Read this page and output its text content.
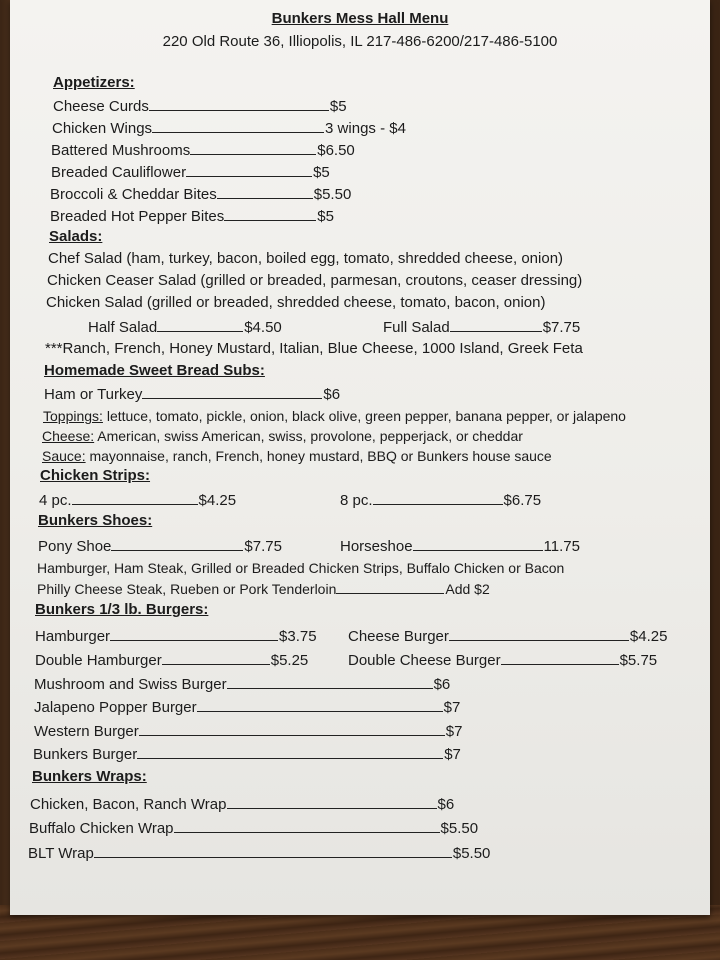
Bunkers Mess Hall Menu
220 Old Route 36, Illiopolis, IL 217-486-6200/217-486-5100
Appetizers:
Cheese Curds	$5
Chicken Wings	3 wings - $4
Battered Mushrooms	$6.50
Breaded Cauliflower	$5
Broccoli & Cheddar Bites	$5.50
Breaded Hot Pepper Bites	$5
Salads:
Chef Salad (ham, turkey, bacon, boiled egg, tomato, shredded cheese, onion)
Chicken Ceaser Salad (grilled or breaded, parmesan, croutons, ceaser dressing)
Chicken Salad (grilled or breaded, shredded cheese, tomato, bacon, onion)
Half Salad	$4.50	Full Salad	$7.75
***Ranch, French, Honey Mustard, Italian, Blue Cheese, 1000 Island, Greek Feta
Homemade Sweet Bread Subs:
Ham or Turkey	$6
Toppings: lettuce, tomato, pickle, onion, black olive, green pepper, banana pepper, or jalapeno
Cheese: American, swiss American, swiss, provolone, pepperjack, or cheddar
Sauce: mayonnaise, ranch, French, honey mustard, BBQ or Bunkers house sauce
Chicken Strips:
4 pc.	$4.25	8 pc.	$6.75
Bunkers Shoes:
Pony Shoe	$7.75	Horseshoe	11.75
Hamburger, Ham Steak, Grilled or Breaded Chicken Strips, Buffalo Chicken or Bacon
Philly Cheese Steak, Rueben or Pork Tenderloin	Add $2
Bunkers 1/3 lb. Burgers:
Hamburger	$3.75 Cheese Burger	$4.25
Double Hamburger	$5.25	Double Cheese Burger	$5.75
Mushroom and Swiss Burger	$6
Jalapeno Popper Burger	$7
Western Burger	$7
Bunkers Burger	$7
Bunkers Wraps:
Chicken, Bacon, Ranch Wrap	$6
Buffalo Chicken Wrap	$5.50
BLT Wrap	$5.50
